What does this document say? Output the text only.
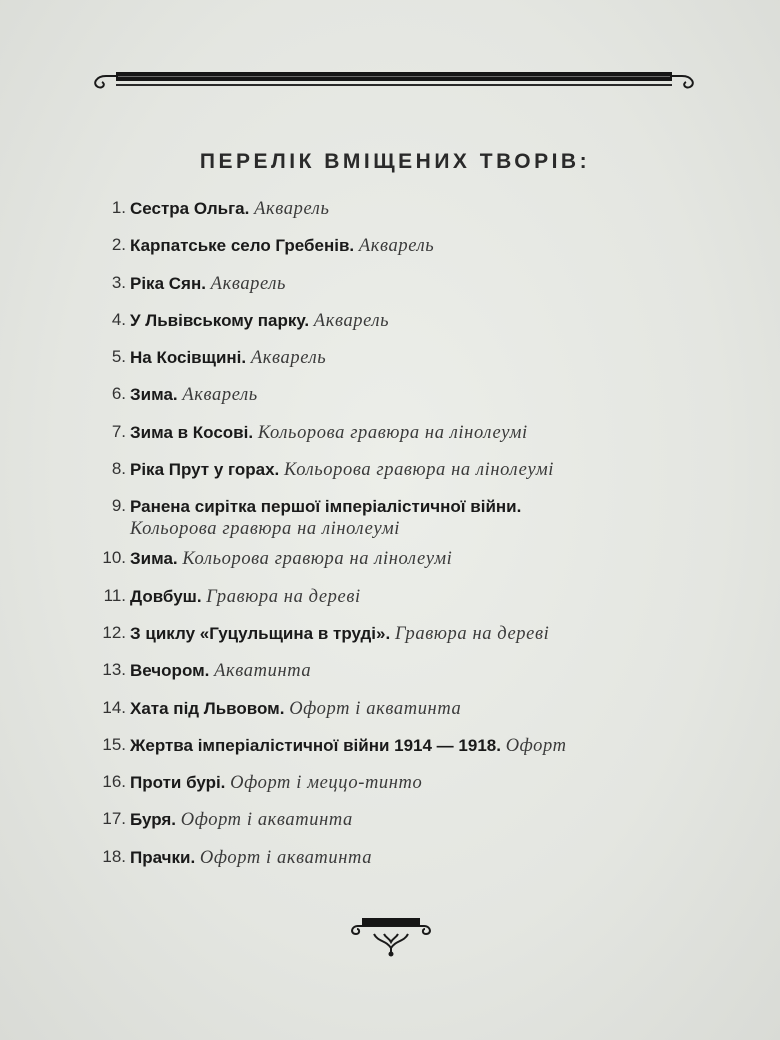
ПЕРЕЛІК ВМІЩЕНИХ ТВОРІВ:
1. Сестра Ольга. Акварель
2. Карпатське село Гребенів. Акварель
3. Ріка Сян. Акварель
4. У Львівському парку. Акварель
5. На Косівщині. Акварель
6. Зима. Акварель
7. Зима в Косові. Кольорова гравюра на лінолеумі
8. Ріка Прут у горах. Кольорова гравюра на лінолеумі
9. Ранена сирітка першої імперіалістичної війни.
Кольорова гравюра на лінолеумі
10. Зима. Кольорова гравюра на лінолеумі
11. Довбуш. Гравюра на дереві
12. З циклу «Гуцульщина в труді». Гравюра на дереві
13. Вечором. Акватинта
14. Хата під Львовом. Офорт і акватинта
15. Жертва імперіалістичної війни 1914 — 1918. Офорт
16. Проти бурі. Офорт і меццо-тинто
17. Буря. Офорт і акватинта
18. Прачки. Офорт і акватинта
